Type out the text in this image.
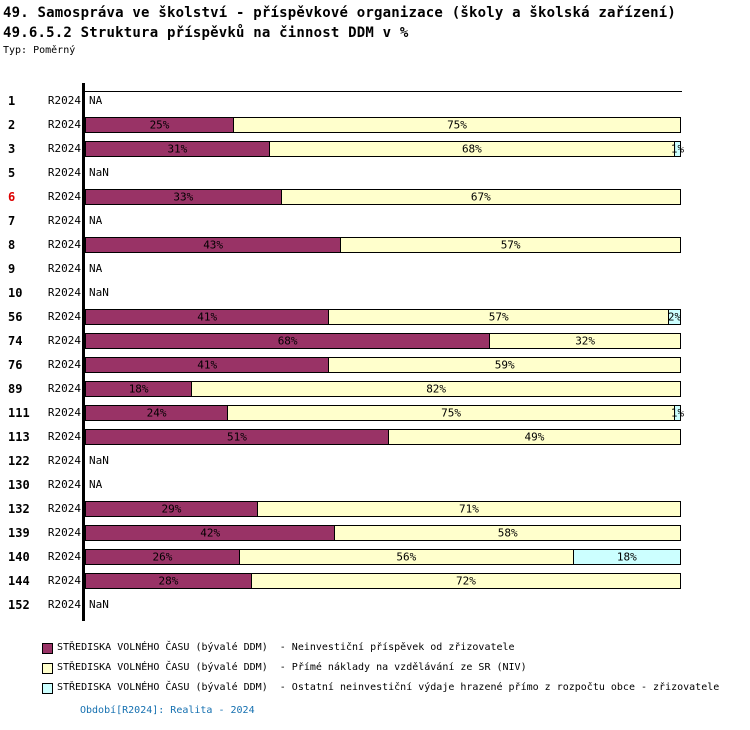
49. Samospráva ve školství - příspěvkové organizace (školy a školská zařízení)
49.6.5.2 Struktura příspěvků na činnost DDM v %
Typ: Poměrný
1	R2024 NA
2	R2024	25%	75%
3	R2024	31%	68%	1%
5	R2024 NaN
6	R2024	33%	67%
7	R2024 NA
8	R2024	43%	57%
9	R2024 NA
10	R2024 NaN
56	R2024	41%	57%	2%
74	R2024	68%	32%
76	R2024	41%	59%
89	R2024	18%	82%
111	R2024	24%	75%	1%
113	R2024	51%	49%
122	R2024 NaN
130	R2024 NA
132	R2024	29%	71%
139	R2024	42%	58%
140	R2024	26%	56%	18%
144	R2024	28%	72%
152	R2024 NaN
STŘEDISKA VOLNÉHO ČASU (bývalé DDM)  - Neinvestiční příspěvek od zřizovatele
STŘEDISKA VOLNÉHO ČASU (bývalé DDM)  - Přímé náklady na vzdělávání ze SR (NIV)
STŘEDISKA VOLNÉHO ČASU (bývalé DDM)  - Ostatní neinvestiční výdaje hrazené přímo z rozpočtu obce - zřizovatele
Období[R2024]: Realita - 2024
